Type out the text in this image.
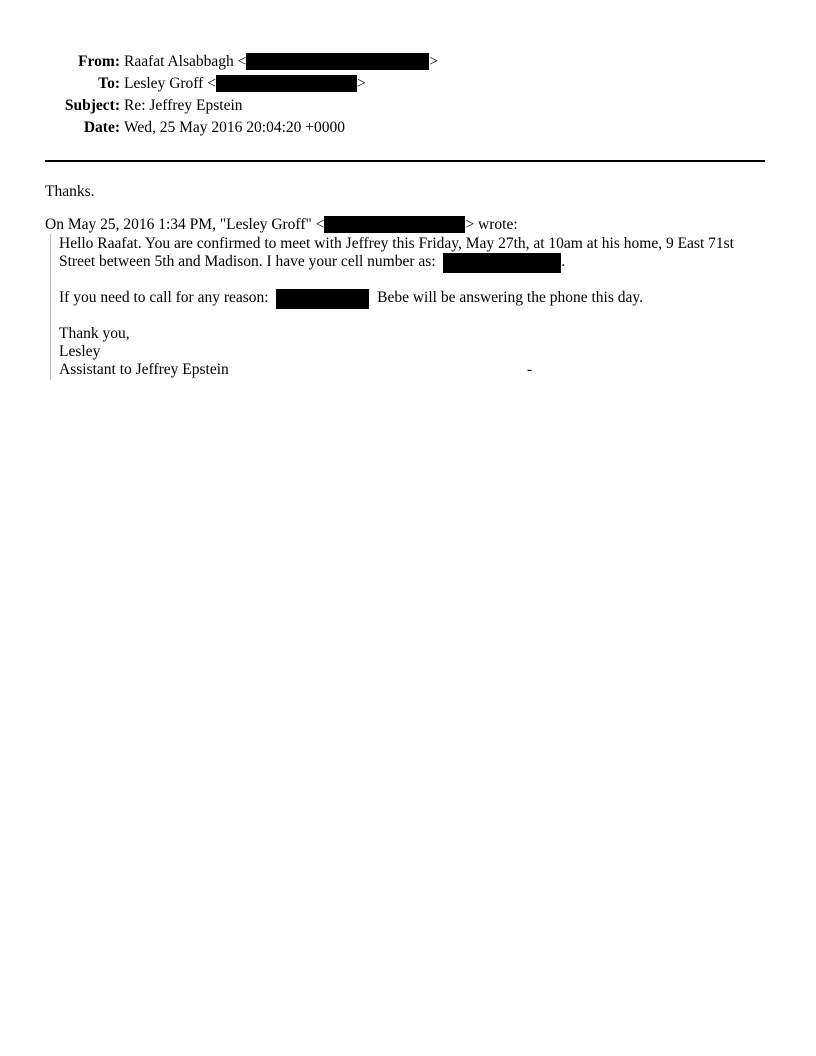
From: Raafat Alsabbagh <	>
To: Lesley Groff <	>
Subject: Re: Jeffrey Epstein
Date: Wed, 25 May 2016 20:04:20 +0000
Thanks.
On May 25, 2016 1:34 PM, "Lesley Groff" <	> wrote:
Hello Raafat. You are confirmed to meet with Jeffrey this Friday, May 27th, at 10am at his home, 9 East 71st
Street between 5th and Madison. I have your cell number as:	.
If you need to call for any reason:	Bebe will be answering the phone this day.
Thank you,
Lesley
Assistant to Jeffrey Epstein	-
